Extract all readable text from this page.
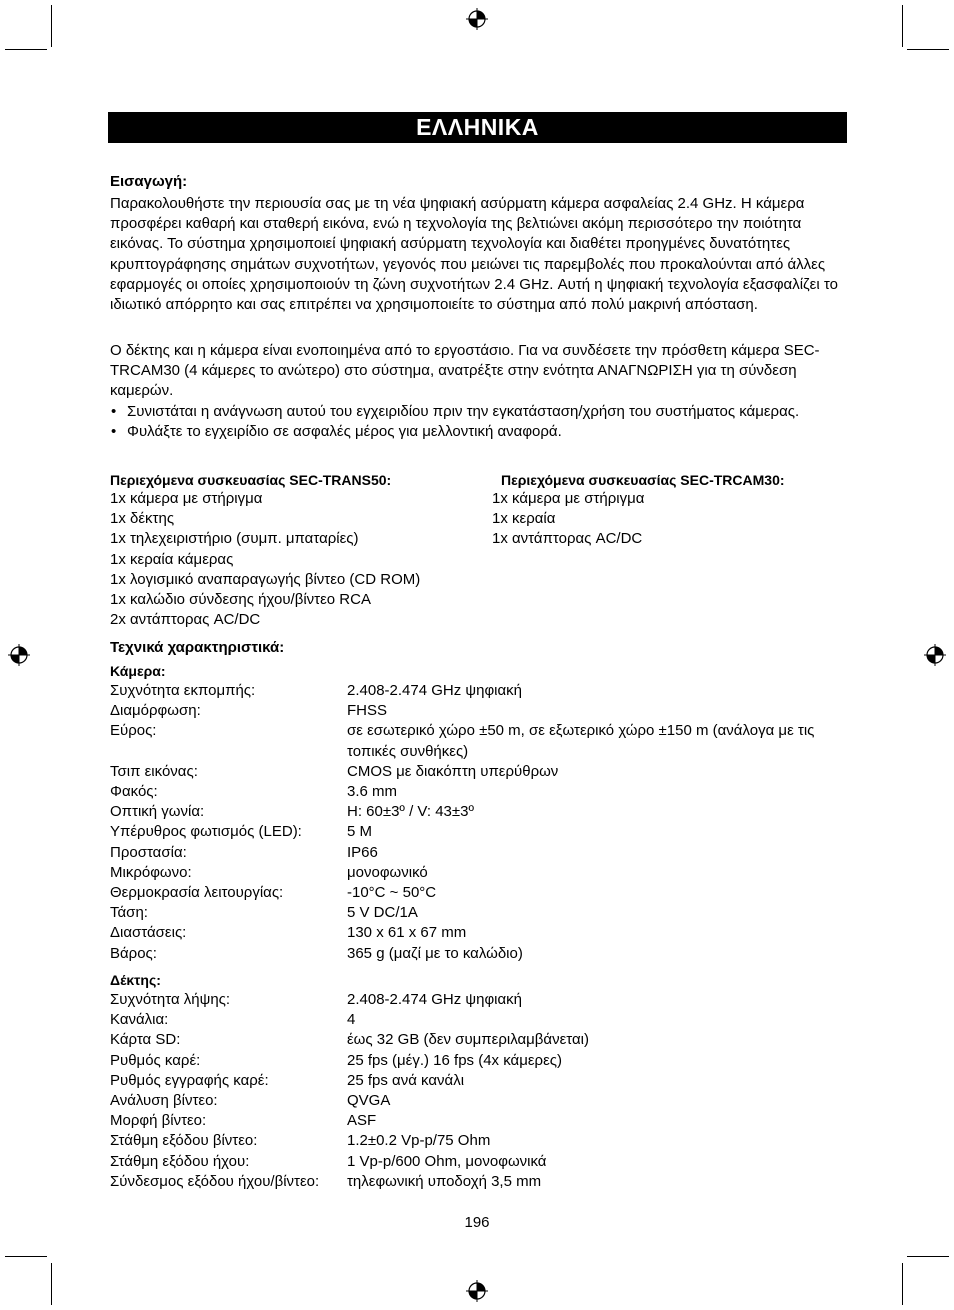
ΕΛΛΗΝΙΚΑ
Εισαγωγή:
Παρακολουθήστε την περιουσία σας με τη νέα ψηφιακή ασύρματη κάμερα ασφαλείας 2.4 GHz. Η κάμερα προσφέρει καθαρή και σταθερή εικόνα, ενώ η τεχνολογία της βελτιώνει ακόμη περισσότερο την ποιότητα εικόνας. Το σύστημα χρησιμοποιεί ψηφιακή ασύρματη τεχνολογία και διαθέτει προηγμένες δυνατότητες κρυπτογράφησης σημάτων συχνοτήτων, γεγονός που μειώνει τις παρεμβολές που προκαλούνται από άλλες εφαρμογές οι οποίες χρησιμοποιούν τη ζώνη συχνοτήτων 2.4 GHz. Αυτή η ψηφιακή τεχνολογία εξασφαλίζει το ιδιωτικό απόρρητο και σας επιτρέπει να χρησιμοποιείτε το σύστημα από πολύ μακρινή απόσταση.
Ο δέκτης και η κάμερα είναι ενοποιημένα από το εργοστάσιο. Για να συνδέσετε την πρόσθετη κάμερα SEC-TRCAM30 (4 κάμερες το ανώτερο) στο σύστημα, ανατρέξτε στην ενότητα ΑΝΑΓΝΩΡΙΣΗ για τη σύνδεση καμερών.
• Συνιστάται η ανάγνωση αυτού του εγχειριδίου πριν την εγκατάσταση/χρήση του συστήματος κάμερας.
• Φυλάξτε το εγχειρίδιο σε ασφαλές μέρος για μελλοντική αναφορά.
Περιεχόμενα συσκευασίας SEC-TRANS50:
1x κάμερα με στήριγμα
1x δέκτης
1x τηλεχειριστήριο (συμπ. μπαταρίες)
1x κεραία κάμερας
1x λογισμικό αναπαραγωγής βίντεο (CD ROM)
1x καλώδιο σύνδεσης ήχου/βίντεο RCA
2x αντάπτορας AC/DC
Περιεχόμενα συσκευασίας SEC-TRCAM30:
1x κάμερα με στήριγμα
1x κεραία
1x αντάπτορας AC/DC
Τεχνικά χαρακτηριστικά:
Κάμερα:
Συχνότητα εκπομπής:	2.408-2.474 GHz ψηφιακή
Διαμόρφωση:	FHSS
Εύρος:	σε εσωτερικό χώρο ±50 m, σε εξωτερικό χώρο ±150 m (ανάλογα με τις τοπικές συνθήκες)
Τσιπ εικόνας:	CMOS με διακόπτη υπερύθρων
Φακός:	3.6 mm
Οπτική γωνία:	H: 60±3º / V: 43±3º
Υπέρυθρος φωτισμός (LED):	5 M
Προστασία:	IP66
Μικρόφωνο:	μονοφωνικό
Θερμοκρασία λειτουργίας:	-10°C ~ 50°C
Τάση:	5 V DC/1A
Διαστάσεις:	130 x 61 x 67 mm
Βάρος:	365 g (μαζί με το καλώδιο)
Δέκτης:
Συχνότητα λήψης:	2.408-2.474 GHz ψηφιακή
Κανάλια:	4
Κάρτα SD:	έως 32 GB (δεν συμπεριλαμβάνεται)
Ρυθμός καρέ:	25 fps (μέγ.) 16 fps (4x κάμερες)
Ρυθμός εγγραφής καρέ:	25 fps ανά κανάλι
Ανάλυση βίντεο:	QVGA
Μορφή βίντεο:	ASF
Στάθμη εξόδου βίντεο:	1.2±0.2 Vp-p/75 Ohm
Στάθμη εξόδου ήχου:	1 Vp-p/600 Ohm, μονοφωνικά
Σύνδεσμος εξόδου ήχου/βίντεο:	τηλεφωνική υποδοχή 3,5 mm
196
